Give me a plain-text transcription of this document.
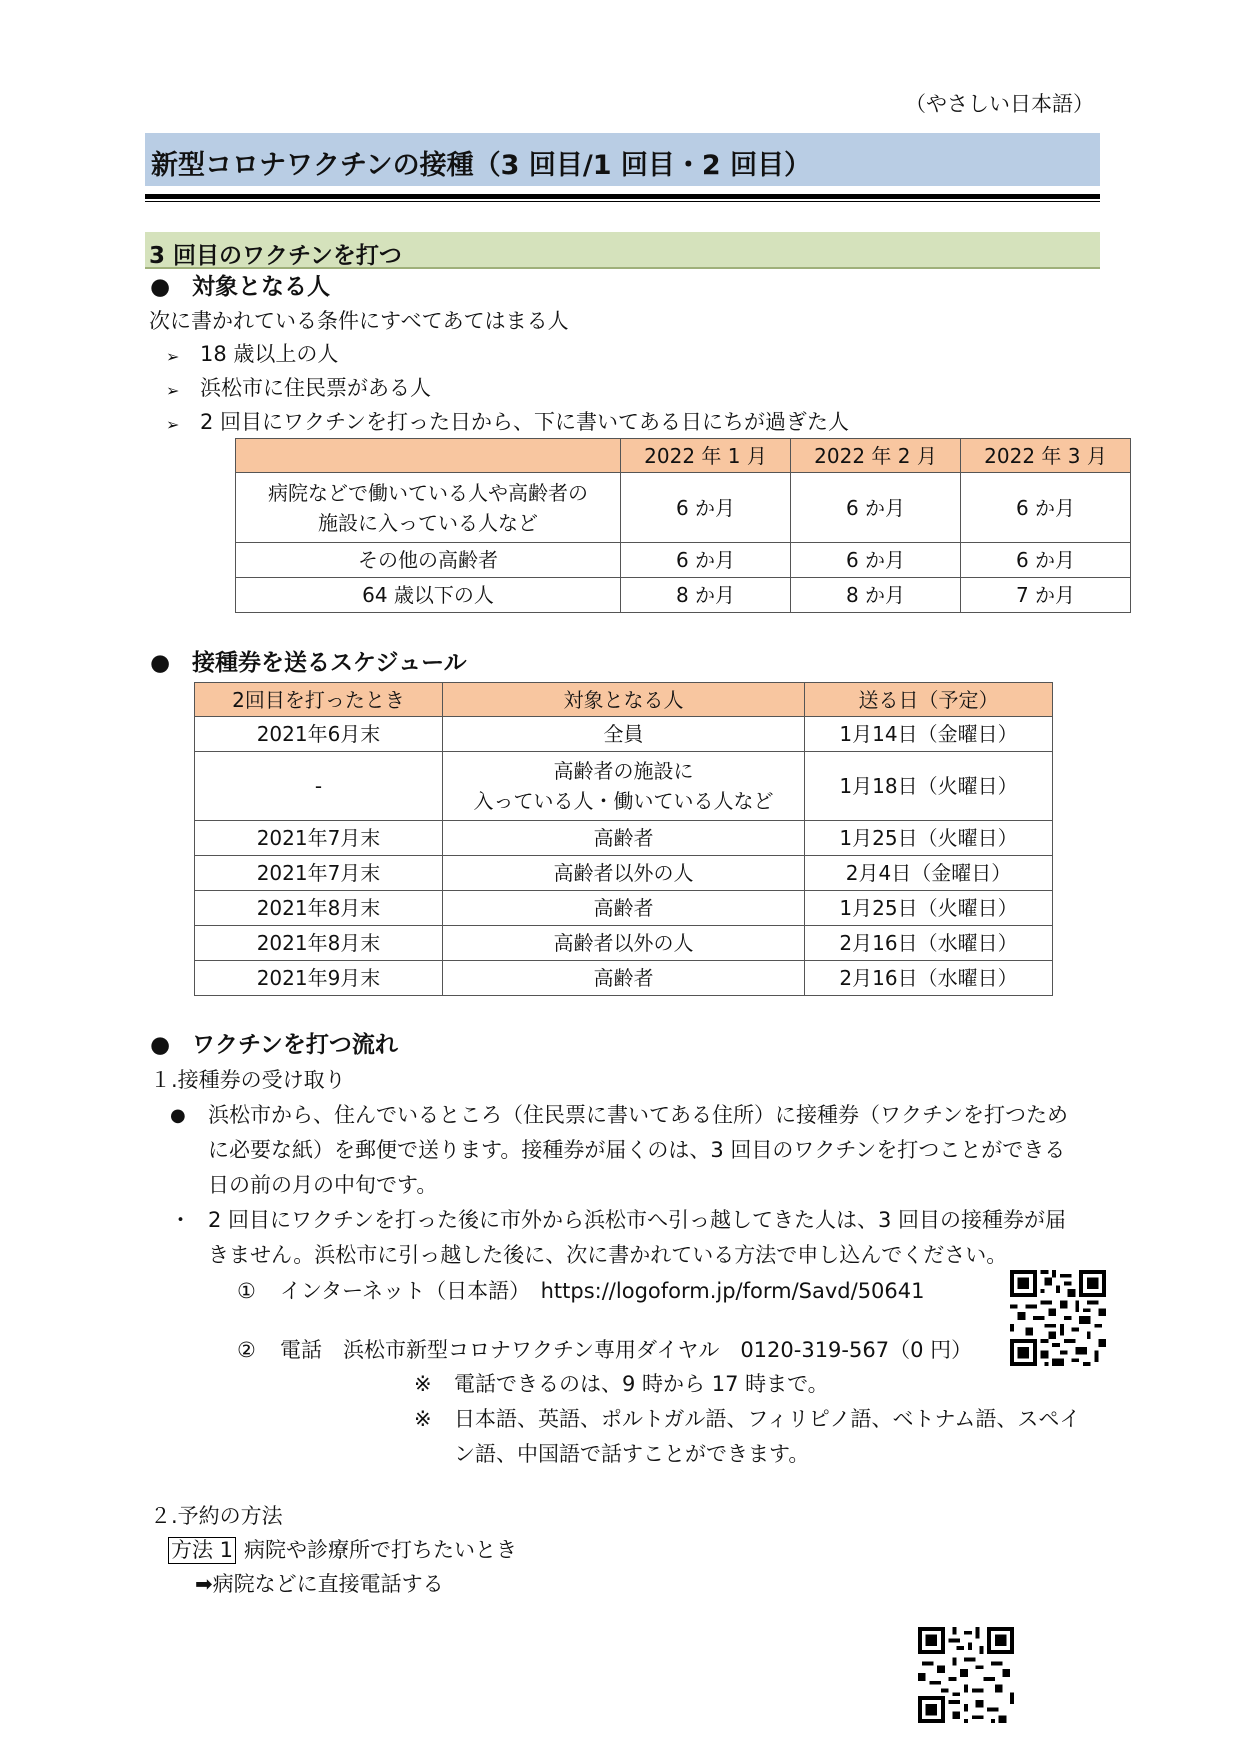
（やさしい日本語）
新型コロナワクチンの接種（3 回目/1 回目・2 回目）
3 回目のワクチンを打つ
● 対象となる人
次に書かれている条件にすべてあてはまる人
➢ 18 歳以上の人
➢ 浜松市に住民票がある人
➢ 2 回目にワクチンを打った日から、下に書いてある日にちが過ぎた人
	2022 年 1 月	2022 年 2 月	2022 年 3 月

病院などで働いている人や高齢者の
施設に入っている人など	6 か月	6 か月	6 か月
その他の高齢者	6 か月	6 か月	6 か月
64 歳以下の人	8 か月	8 か月	7 か月
● 接種券を送るスケジュール
2回目を打ったとき	対象となる人	送る日（予定）
2021年6月末	全員	1月14日（金曜日）
-	高齢者の施設に
入っている人・働いている人など	1月18日（火曜日）
2021年7月末	高齢者	1月25日（火曜日）
2021年7月末	高齢者以外の人	2月4日（金曜日）
2021年8月末	高齢者	1月25日（火曜日）
2021年8月末	高齢者以外の人	2月16日（水曜日）
2021年9月末	高齢者	2月16日（水曜日）
● ワクチンを打つ流れ
１.接種券の受け取り
● 浜松市から、住んでいるところ（住民票に書いてある住所）に接種券（ワクチンを打つため
に必要な紙）を郵便で送ります。接種券が届くのは、3 回目のワクチンを打つことができる
日の前の月の中旬です。
・ 2 回目にワクチンを打った後に市外から浜松市へ引っ越してきた人は、3 回目の接種券が届
きません。浜松市に引っ越した後に、次に書かれている方法で申し込んでください。
① インターネット（日本語）　https://logoform.jp/form/Savd/50641
② 電話　浜松市新型コロナワクチン専用ダイヤル　0120-319-567（0 円）
※ 電話できるのは、9 時から 17 時まで。
※ 日本語、英語、ポルトガル語、フィリピノ語、ベトナム語、スペイ
ン語、中国語で話すことができます。
２.予約の方法
方法 1 病院や診療所で打ちたいとき
➡病院などに直接電話する
